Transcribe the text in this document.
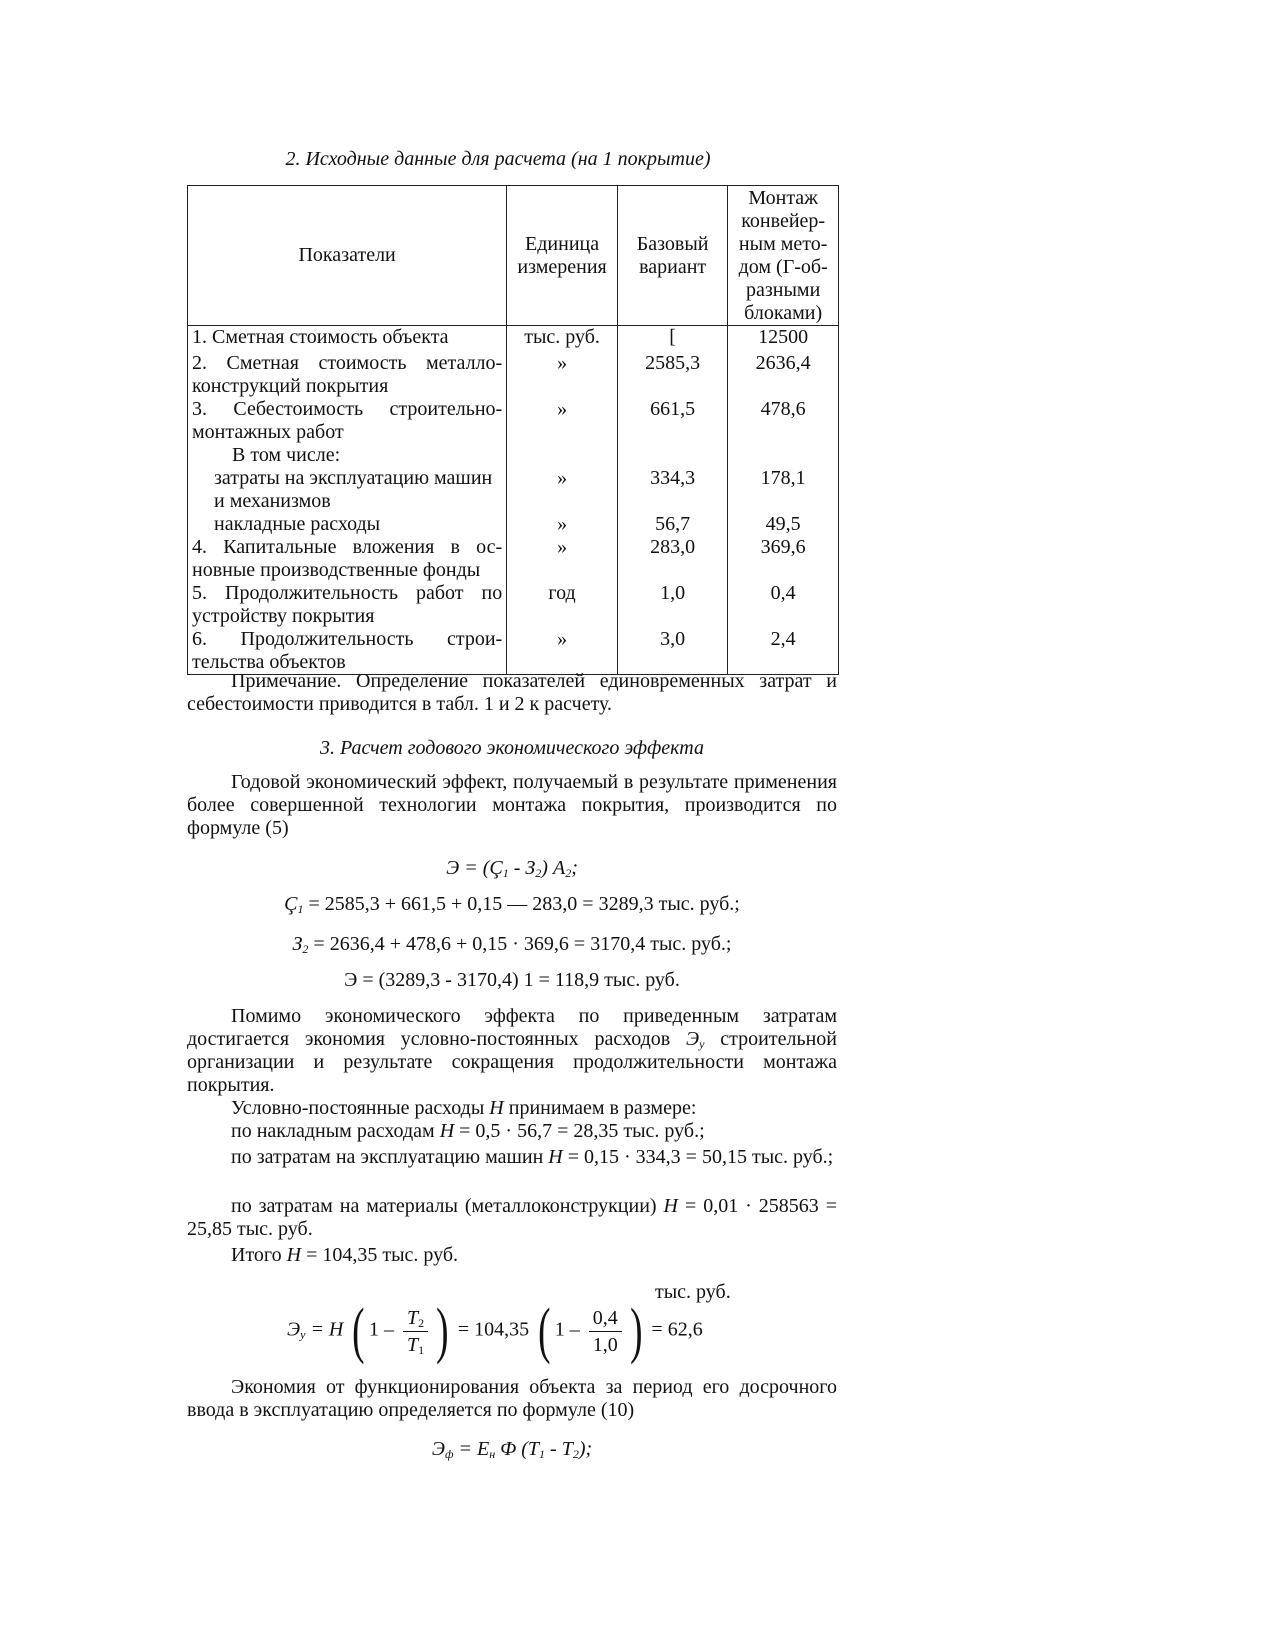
2. Исходные данные для расчета (на 1 покрытие)
Показатели	Единица измерения	Базовый вариант	Монтаж конвейер-ным мето-дом (Г-об-разными блоками)
1. Сметная стоимость объекта	тыс. руб.	[	12500
2. Сметная стоимость металло-конструкций покрытия	»	2585,3	2636,4
3. Себестоимость строительно-монтажных работ	»	661,5	478,6
В том числе:			
затраты на эксплуатацию машин и механизмов	»	334,3	178,1
накладные расходы	»	56,7	49,5
4. Капитальные вложения в ос-новные производственные фонды	»	283,0	369,6
5. Продолжительность работ по устройству покрытия	год	1,0	0,4
6. Продолжительность строи-тельства объектов	»	3,0	2,4

Примечание. Определение показателей единовременных затрат и себестоимости приводится в табл. 1 и 2 к расчету.

3. Расчет годового экономического эффекта

Годовой экономический эффект, получаемый в результате применения более совершенной технологии монтажа покрытия, производится по формуле (5)

$Э = (Ç_1 - З_2)$ $А_2$;
$Ç_1 = 2585,3 + 661,5 + 0,15$ — 283,0 = 3289,3 тыс. руб.;
$З_2 = 2636,4 + 478,6 + 0,15 \cdot 369,6 = 3170,4$ тыс. руб.;
Э = (3289,3 - 3170,4) 1 = 118,9 тыс. руб.

Помимо экономического эффекта по приведенным затратам достигается экономия условно-постоянных расходов $Э_у$ строительной организации и результате сокращения продолжительности монтажа покрытия.

Условно-постоянные расходы Н принимаем в размере:
по накладным расходам Н = 0,5 · 56,7 = 28,35 тыс. руб.;
по затратам на эксплуатацию машин Н = 0,15 · 334,3 = 50,15 тыс. руб.;
по затратам на материалы (металлоконструкции) Н = 0,01 · 258563 = 25,85 тыс. руб.
Итого Н = 104,35 тыс. руб.
тыс. руб.
$Э_у = Н$ ( $1 - \frac{Т_2}{Т_1}$ ) = 104,35 ( $1 - \frac{0,4}{1,0}$ ) = 62,6

Экономия от функционирования объекта за период его досрочного ввода в эксплуатацию определяется по формуле (10)

$Э_ф = Е_н$ Ф $(Т_1 - Т_2)$;
